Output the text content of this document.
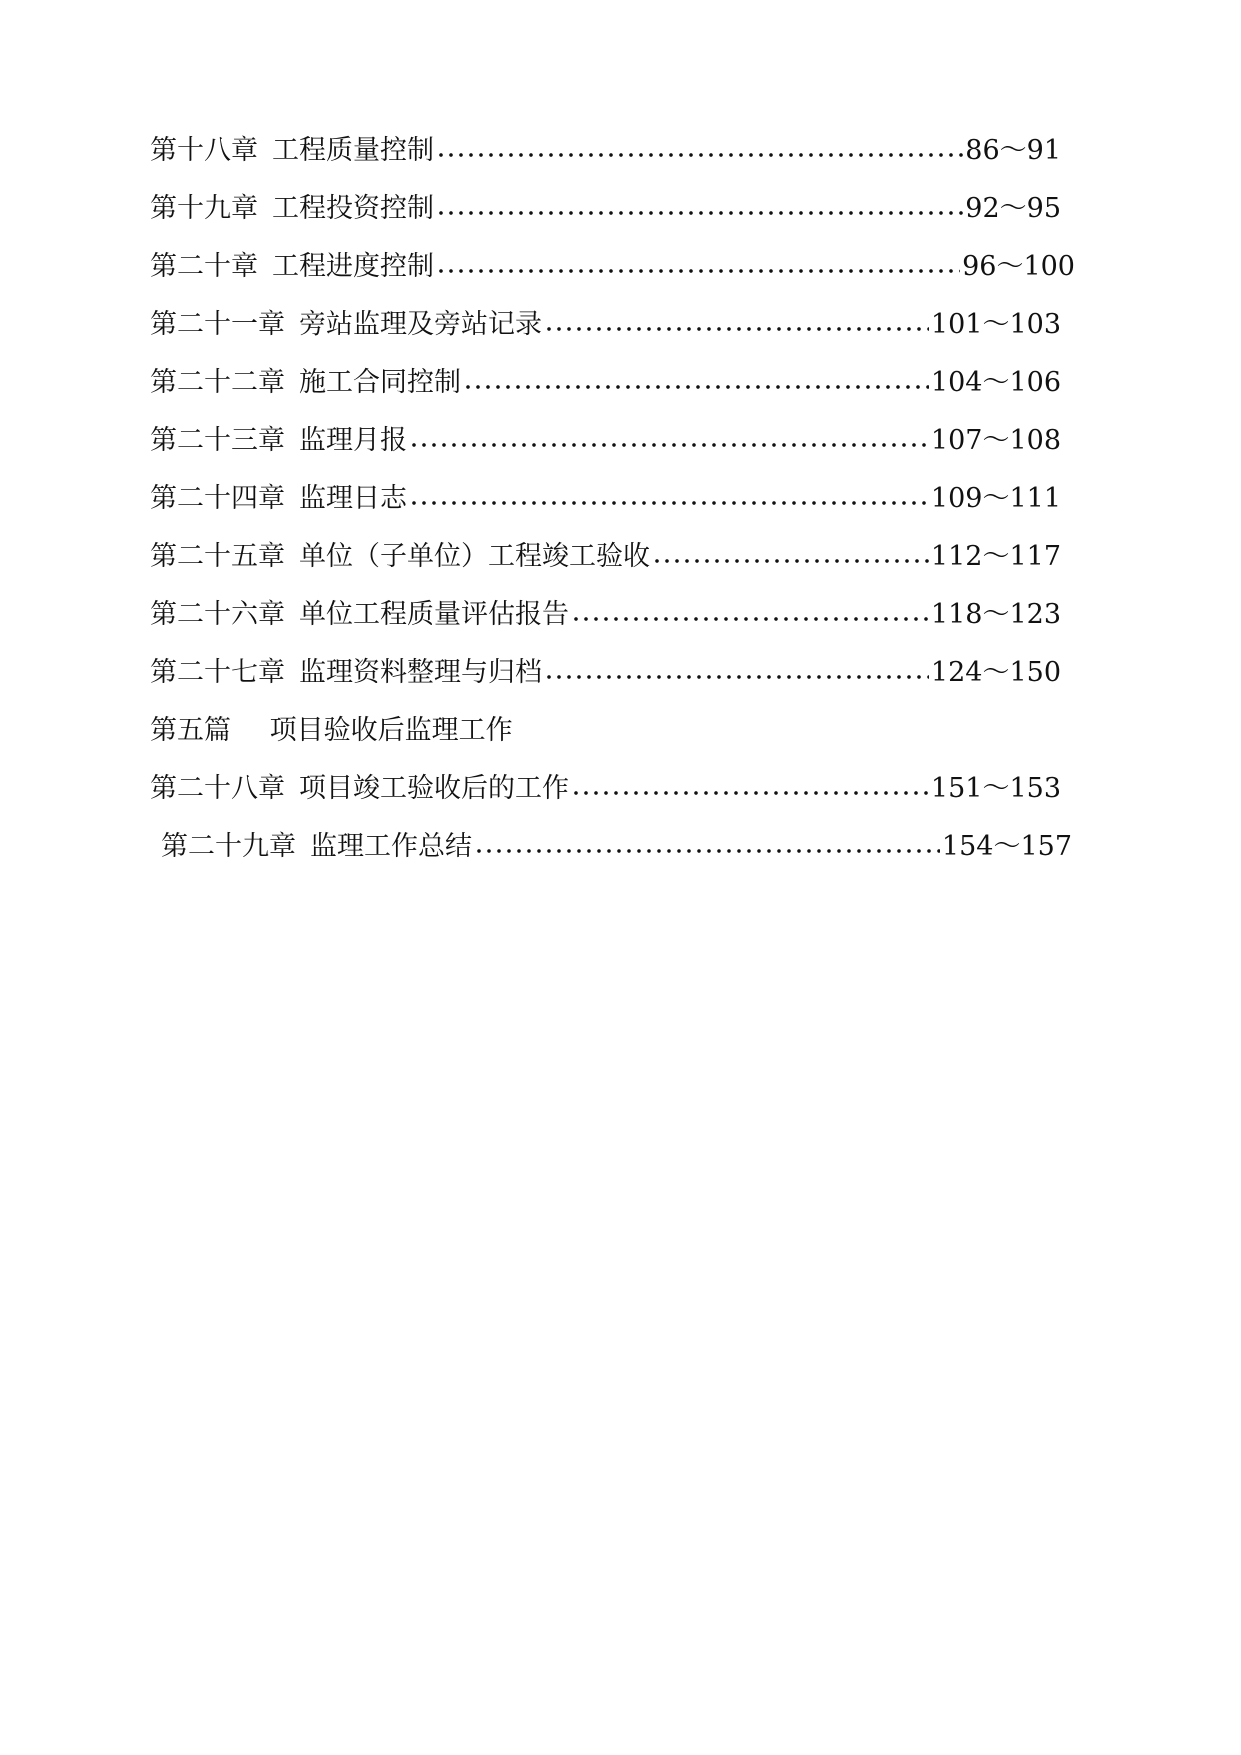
第十八章 工程质量控制	86～91
第十九章 工程投资控制	92～95
第二十章 工程进度控制	96～100
第二十一章 旁站监理及旁站记录	101～103
第二十二章 施工合同控制	104～106
第二十三章 监理月报	107～108
第二十四章 监理日志	109～111
第二十五章 单位（子单位）工程竣工验收	112～117
第二十六章 单位工程质量评估报告	118～123
第二十七章 监理资料整理与归档	124～150
第五篇 项目验收后监理工作
第二十八章 项目竣工验收后的工作	151～153
第二十九章 监理工作总结	154～157
